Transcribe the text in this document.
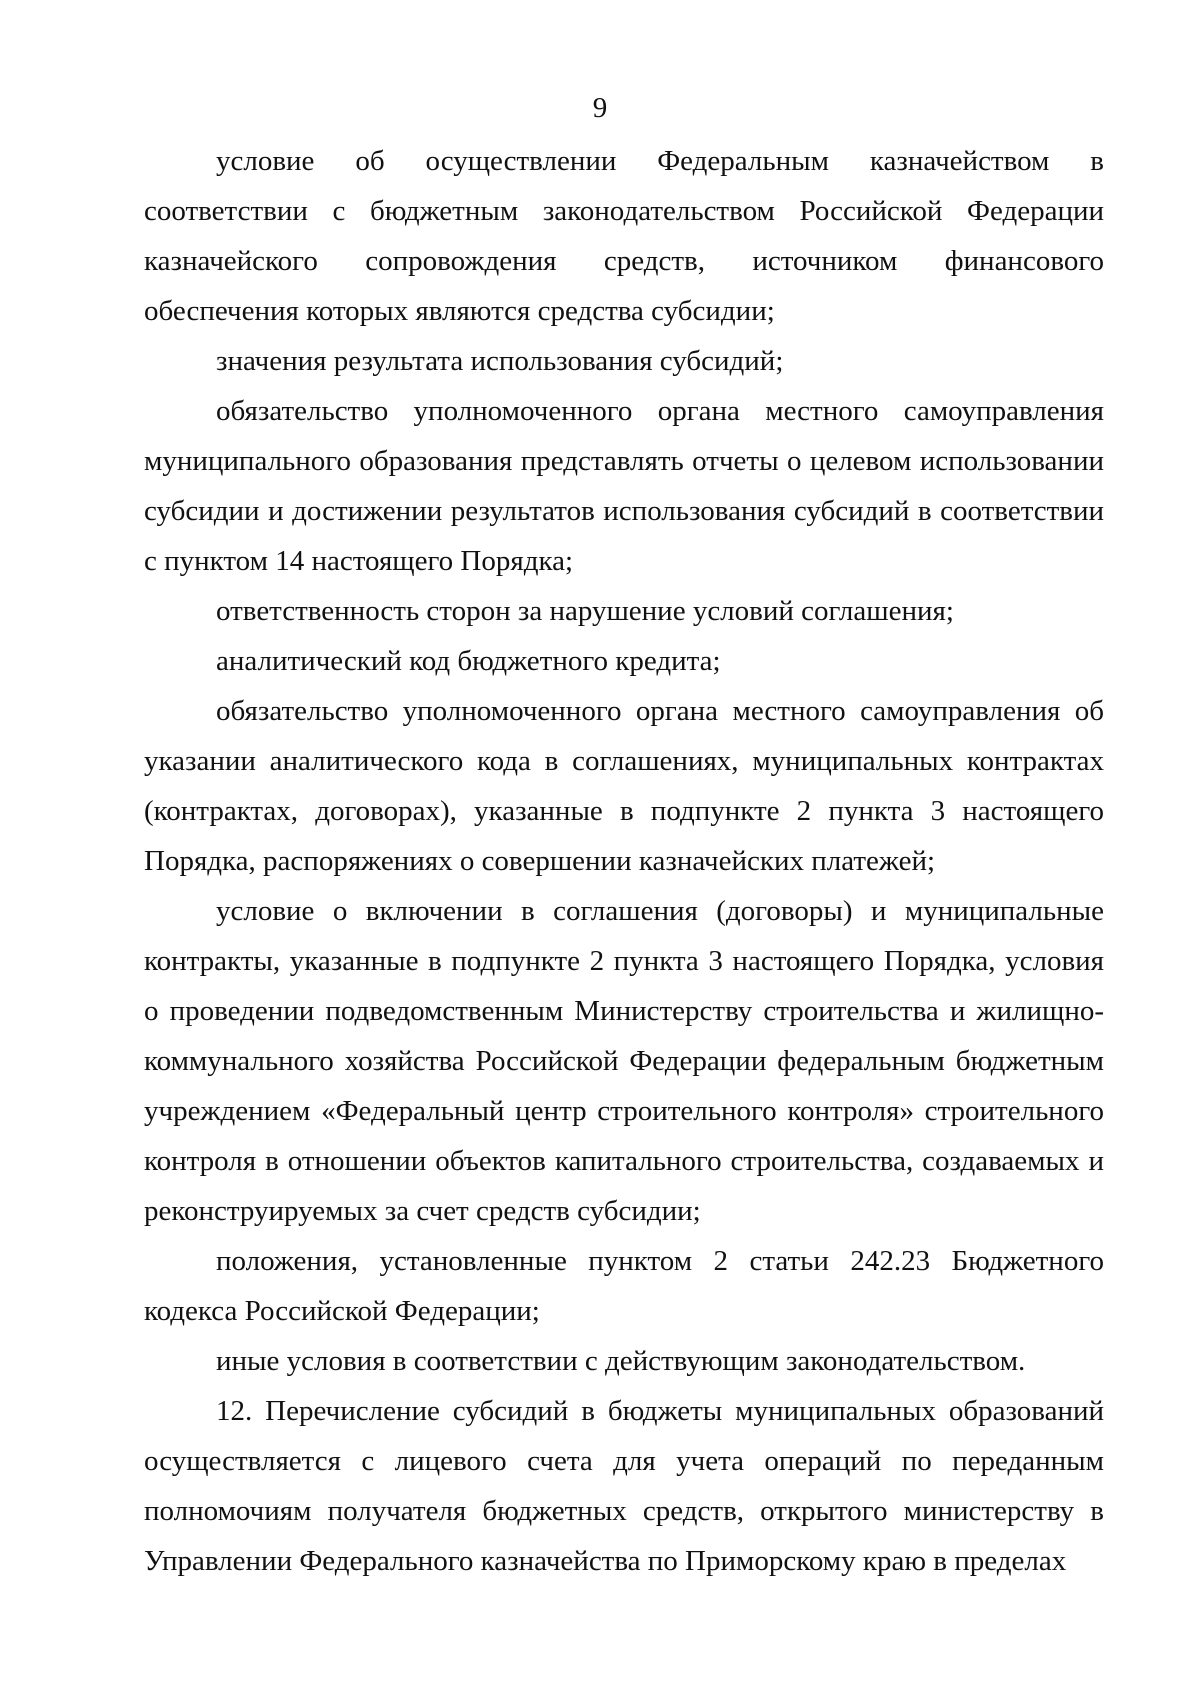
9

условие об осуществлении Федеральным казначейством в соответствии с бюджетным законодательством Российской Федерации казначейского сопровождения средств, источником финансового обеспечения которых являются средства субсидии;

значения результата использования субсидий;

обязательство уполномоченного органа местного самоуправления муниципального образования представлять отчеты о целевом использовании субсидии и достижении результатов использования субсидий в соответствии с пунктом 14 настоящего Порядка;

ответственность сторон за нарушение условий соглашения;

аналитический код бюджетного кредита;

обязательство уполномоченного органа местного самоуправления об указании аналитического кода в соглашениях, муниципальных контрактах (контрактах, договорах), указанные в подпункте 2 пункта 3 настоящего Порядка, распоряжениях о совершении казначейских платежей;

условие о включении в соглашения (договоры) и муниципальные контракты, указанные в подпункте 2 пункта 3 настоящего Порядка, условия о проведении подведомственным Министерству строительства и жилищно-коммунального хозяйства Российской Федерации федеральным бюджетным учреждением «Федеральный центр строительного контроля» строительного контроля в отношении объектов капитального строительства, создаваемых и реконструируемых за счет средств субсидии;

положения, установленные пунктом 2 статьи 242.23 Бюджетного кодекса Российской Федерации;

иные условия в соответствии с действующим законодательством.

12. Перечисление субсидий в бюджеты муниципальных образований осуществляется с лицевого счета для учета операций по переданным полномочиям получателя бюджетных средств, открытого министерству в Управлении Федерального казначейства по Приморскому краю в пределах
